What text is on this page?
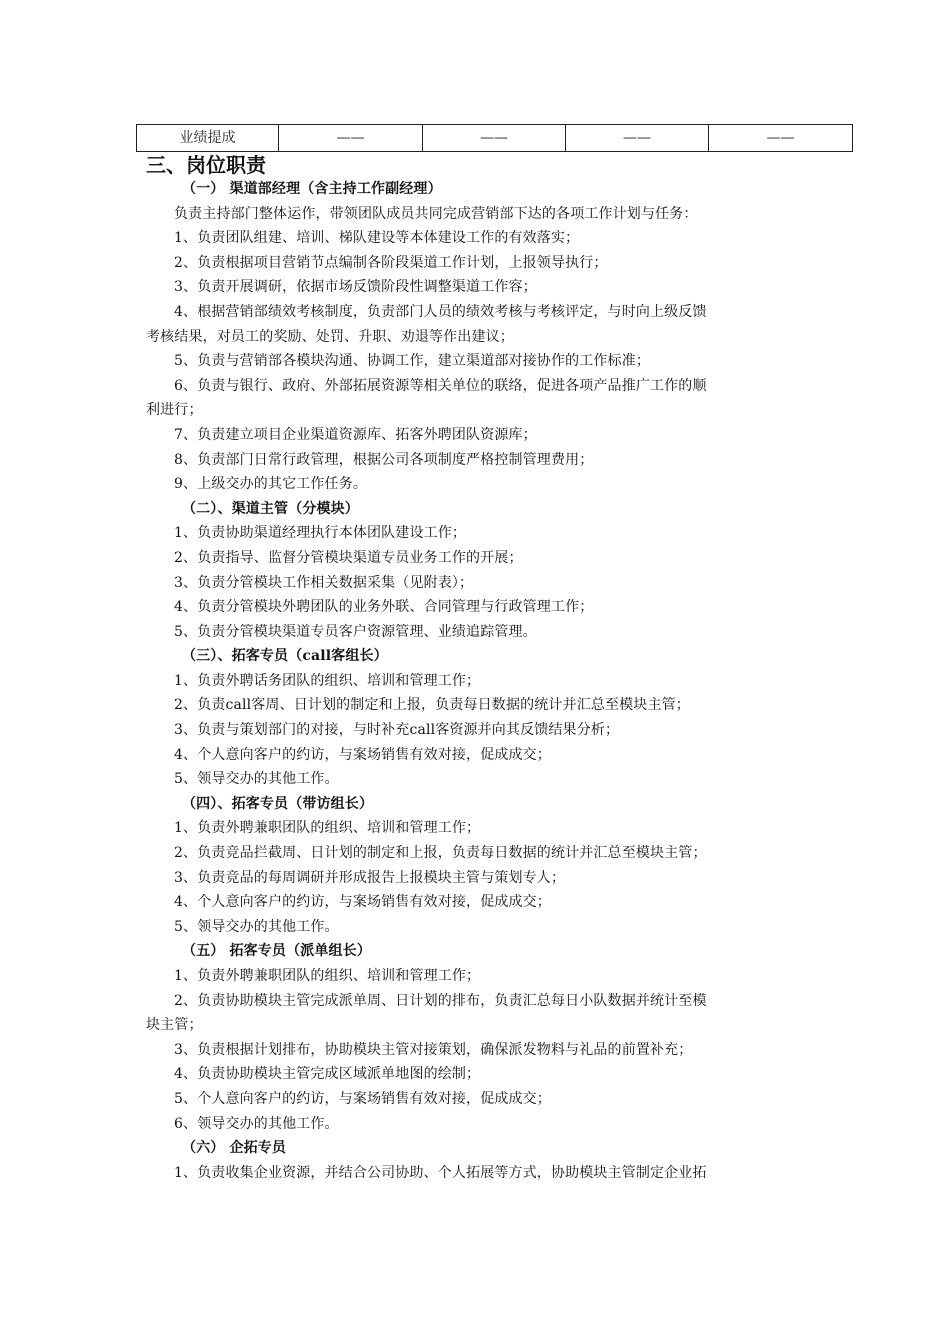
业绩提成	——	——	——	——
三、岗位职责
（一） 渠道部经理（含主持工作副经理）
负责主持部门整体运作，带领团队成员共同完成营销部下达的各项工作计划与任务：
1、负责团队组建、培训、梯队建设等本体建设工作的有效落实；
2、负责根据项目营销节点编制各阶段渠道工作计划，上报领导执行；
3、负责开展调研，依据市场反馈阶段性调整渠道工作容；
4、根据营销部绩效考核制度，负责部门人员的绩效考核与考核评定，与时向上级反馈
考核结果，对员工的奖励、处罚、升职、劝退等作出建议；
5、负责与营销部各模块沟通、协调工作，建立渠道部对接协作的工作标准；
6、负责与银行、政府、外部拓展资源等相关单位的联络，促进各项产品推广工作的顺
利进行；
7、负责建立项目企业渠道资源库、拓客外聘团队资源库；
8、负责部门日常行政管理，根据公司各项制度严格控制管理费用；
9、上级交办的其它工作任务。
（二）、渠道主管（分模块）
1、负责协助渠道经理执行本体团队建设工作；
2、负责指导、监督分管模块渠道专员业务工作的开展；
3、负责分管模块工作相关数据采集（见附表）；
4、负责分管模块外聘团队的业务外联、合同管理与行政管理工作；
5、负责分管模块渠道专员客户资源管理、业绩追踪管理。
（三）、拓客专员（call客组长）
1、负责外聘话务团队的组织、培训和管理工作；
2、负责call客周、日计划的制定和上报，负责每日数据的统计并汇总至模块主管；
3、负责与策划部门的对接，与时补充call客资源并向其反馈结果分析；
4、个人意向客户的约访，与案场销售有效对接，促成成交；
5、领导交办的其他工作。
（四）、拓客专员（带访组长）
1、负责外聘兼职团队的组织、培训和管理工作；
2、负责竞品拦截周、日计划的制定和上报，负责每日数据的统计并汇总至模块主管；
3、负责竞品的每周调研并形成报告上报模块主管与策划专人；
4、个人意向客户的约访，与案场销售有效对接，促成成交；
5、领导交办的其他工作。
（五） 拓客专员（派单组长）
1、负责外聘兼职团队的组织、培训和管理工作；
2、负责协助模块主管完成派单周、日计划的排布，负责汇总每日小队数据并统计至模
块主管；
3、负责根据计划排布，协助模块主管对接策划，确保派发物料与礼品的前置补充；
4、负责协助模块主管完成区域派单地图的绘制；
5、个人意向客户的约访，与案场销售有效对接，促成成交；
6、领导交办的其他工作。
（六） 企拓专员
1、负责收集企业资源，并结合公司协助、个人拓展等方式，协助模块主管制定企业拓
